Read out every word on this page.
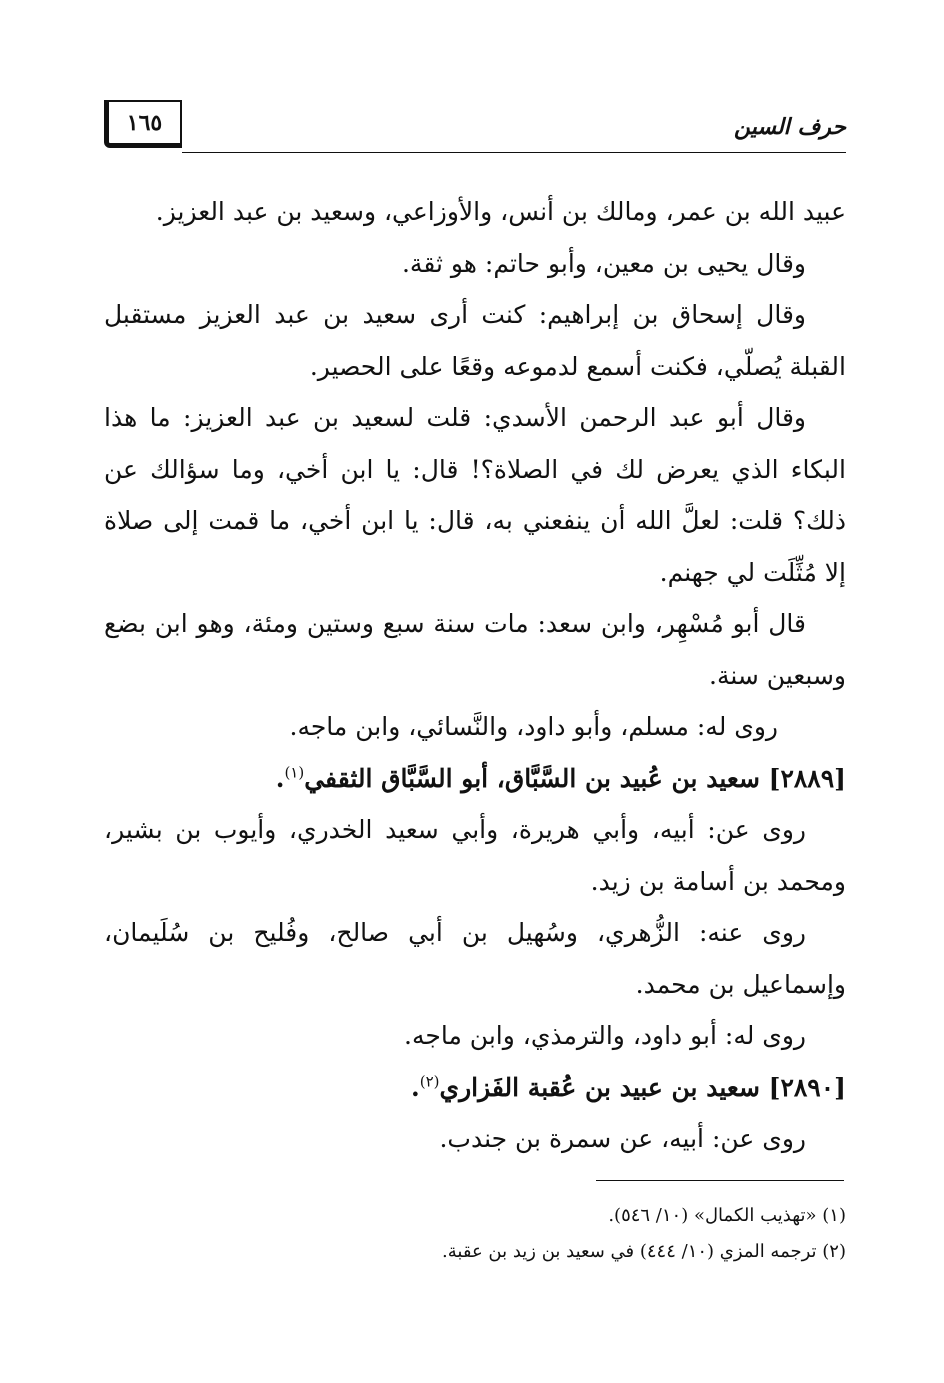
١٦٥	حرف السين

عبيد الله بن عمر، ومالك بن أنس، والأوزاعي، وسعيد بن عبد العزيز.

وقال يحيى بن معين، وأبو حاتم: هو ثقة.

وقال إسحاق بن إبراهيم: كنت أرى سعيد بن عبد العزيز مستقبل القبلة يُصلّي، فكنت أسمع لدموعه وقعًا على الحصير.

وقال أبو عبد الرحمن الأسدي: قلت لسعيد بن عبد العزيز: ما هذا البكاء الذي يعرض لك في الصلاة؟! قال: يا ابن أخي، وما سؤالك عن ذلك؟ قلت: لعلَّ الله أن ينفعني به، قال: يا ابن أخي، ما قمت إلى صلاة إلا مُثِّلَت لي جهنم.

قال أبو مُسْهِر، وابن سعد: مات سنة سبع وستين ومئة، وهو ابن بضع وسبعين سنة.

روى له: مسلم، وأبو داود، والنَّسائي، وابن ماجه.

[٢٨٨٩] سعيد بن عُبيد بن السَّبَّاق، أبو السَّبَّاق الثقفي$^{(١)}$.

روى عن: أبيه، وأبي هريرة، وأبي سعيد الخدري، وأيوب بن بشير، ومحمد بن أسامة بن زيد.

روى عنه: الزُّهري، وسُهيل بن أبي صالح، وفُليح بن سُلَيمان، وإسماعيل بن محمد.

روى له: أبو داود، والترمذي، وابن ماجه.

[٢٨٩٠] سعيد بن عبيد بن عُقبة الفَزاري$^{(٢)}$.

روى عن: أبيه، عن سمرة بن جندب.

(١) «تهذيب الكمال» (١٠/ ٥٤٦).

(٢) ترجمه المزي (١٠/ ٤٤٤) في سعيد بن زيد بن عقبة.
